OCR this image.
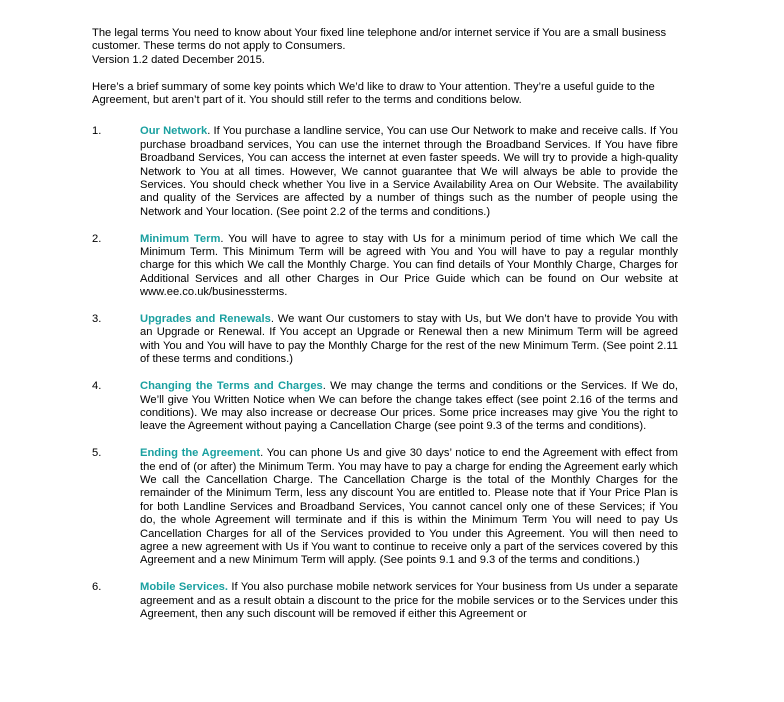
The legal terms You need to know about Your fixed line telephone and/or internet service if You are a small business customer. These terms do not apply to Consumers.

Version 1.2 dated December 2015.

Here’s a brief summary of some key points which We’d like to draw to Your attention. They’re a useful guide to the Agreement, but aren’t part of it. You should still refer to the terms and conditions below.

1.	Our Network. If You purchase a landline service, You can use Our Network to make and receive calls. If You purchase broadband services, You can use the internet through the Broadband Services. If You have fibre Broadband Services, You can access the internet at even faster speeds. We will try to provide a high-quality Network to You at all times. However, We cannot guarantee that We will always be able to provide the Services. You should check whether You live in a Service Availability Area on Our Website. The availability and quality of the Services are affected by a number of things such as the number of people using the Network and Your location. (See point 2.2 of the terms and conditions.)
2.	Minimum Term. You will have to agree to stay with Us for a minimum period of time which We call the Minimum Term. This Minimum Term will be agreed with You and You will have to pay a regular monthly charge for this which We call the Monthly Charge. You can find details of Your Monthly Charge, Charges for Additional Services and all other Charges in Our Price Guide which can be found on Our website at www.ee.co.uk/businessterms.
3.	Upgrades and Renewals. We want Our customers to stay with Us, but We don’t have to provide You with an Upgrade or Renewal. If You accept an Upgrade or Renewal then a new Minimum Term will be agreed with You and You will have to pay the Monthly Charge for the rest of the new Minimum Term. (See point 2.11 of these terms and conditions.)
4.	Changing the Terms and Charges. We may change the terms and conditions or the Services. If We do, We’ll give You Written Notice when We can before the change takes effect (see point 2.16 of the terms and conditions). We may also increase or decrease Our prices. Some price increases may give You the right to leave the Agreement without paying a Cancellation Charge (see point 9.3 of the terms and conditions).
5.	Ending the Agreement. You can phone Us and give 30 days’ notice to end the Agreement with effect from the end of (or after) the Minimum Term. You may have to pay a charge for ending the Agreement early which We call the Cancellation Charge. The Cancellation Charge is the total of the Monthly Charges for the remainder of the Minimum Term, less any discount You are entitled to. Please note that if Your Price Plan is for both Landline Services and Broadband Services, You cannot cancel only one of these Services; if You do, the whole Agreement will terminate and if this is within the Minimum Term You will need to pay Us Cancellation Charges for all of the Services provided to You under this Agreement. You will then need to agree a new agreement with Us if You want to continue to receive only a part of the services covered by this Agreement and a new Minimum Term will apply. (See points 9.1 and 9.3 of the terms and conditions.)
6.	Mobile Services. If You also purchase mobile network services for Your business from Us under a separate agreement and as a result obtain a discount to the price for the mobile services or to the Services under this Agreement, then any such discount will be removed if either this Agreement or
